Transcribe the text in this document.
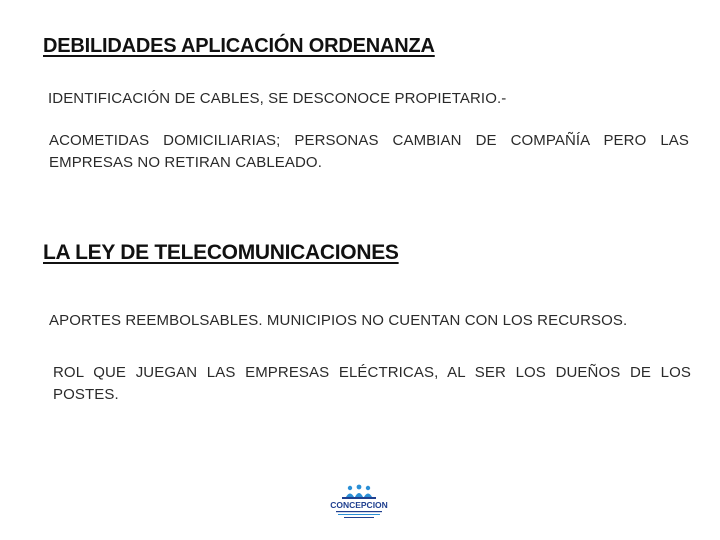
DEBILIDADES APLICACIÓN ORDENANZA
IDENTIFICACIÓN DE CABLES, SE DESCONOCE PROPIETARIO.-
ACOMETIDAS DOMICILIARIAS; PERSONAS CAMBIAN DE COMPAÑÍA PERO LAS EMPRESAS NO RETIRAN CABLEADO.
LA LEY DE TELECOMUNICACIONES
APORTES REEMBOLSABLES. MUNICIPIOS NO CUENTAN CON LOS RECURSOS.
ROL QUE JUEGAN LAS EMPRESAS ELÉCTRICAS, AL SER LOS DUEÑOS DE LOS POSTES.
CONCEPCION
